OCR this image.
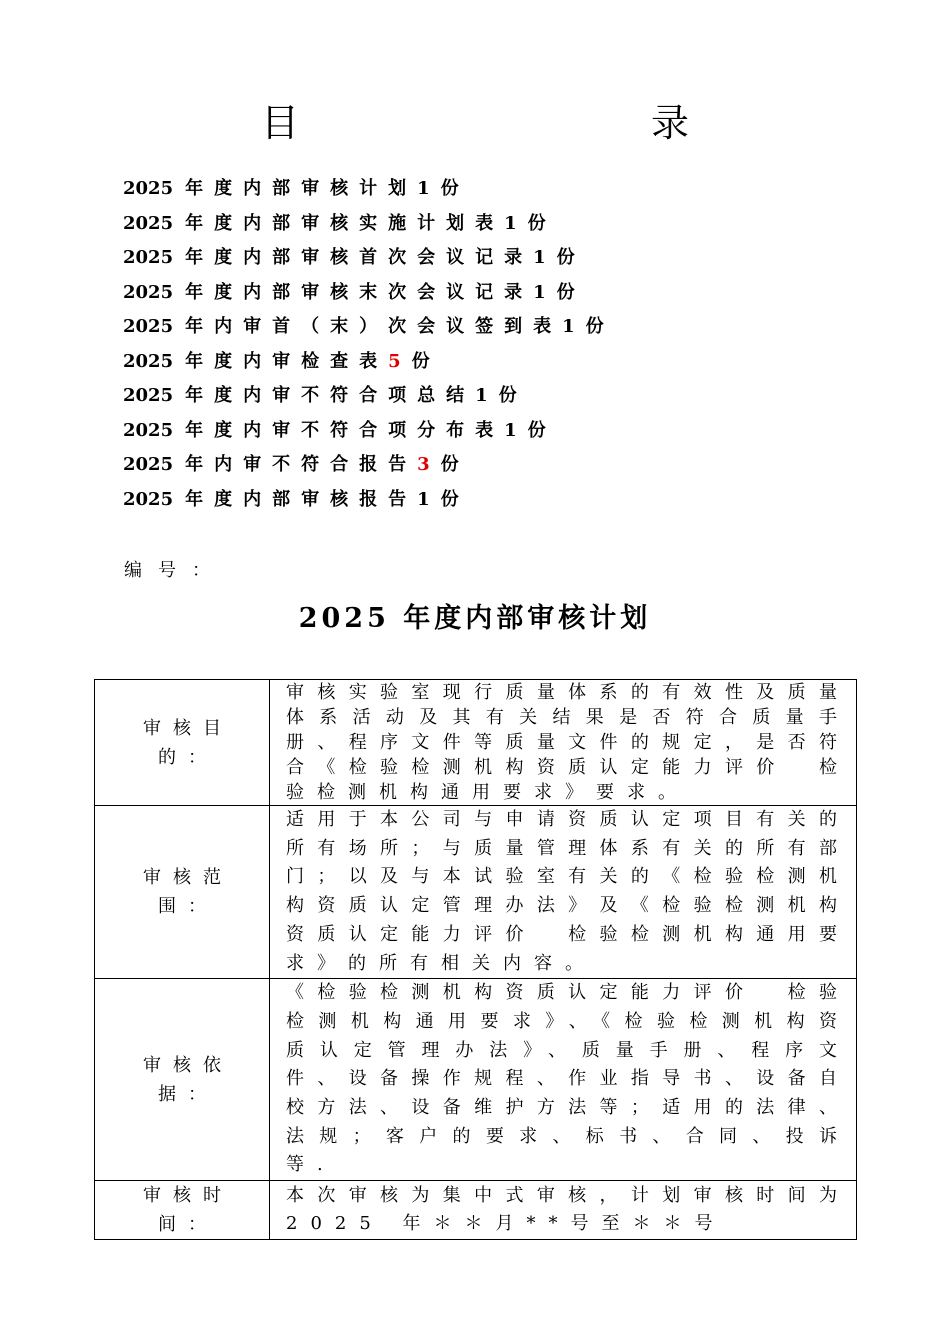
目 录
2025 年度内部审核计划1份
2025 年度内部审核实施计划表1份
2025 年度内部审核首次会议记录1份
2025 年度内部审核末次会议记录1份
2025 年内审首（末）次会议签到表1份
2025 年度内审检查表5份
2025 年度内审不符合项总结1份
2025 年度内审不符合项分布表1份
2025 年内审不符合报告3份
2025 年度内部审核报告1份
编号：
2025 年度内部审核计划
审核目的：	审核实验室现行质量体系的有效性及质量体系活动及其有关结果是否符合质量手册、程序文件等质量文件的规定，是否符合《检验检测机构资质认定能力评价　检验检测机构通用要求》要求。
审核范围：	适用于本公司与申请资质认定项目有关的所有场所；与质量管理体系有关的所有部门；以及与本试验室有关的《检验检测机构资质认定管理办法》及《检验检测机构资质认定能力评价　检验检测机构通用要求》的所有相关内容。
审核依据：	《检验检测机构资质认定能力评价　检验检测机构通用要求》、《检验检测机构资质认定管理办法》、质量手册、程序文件、设备操作规程、作业指导书、设备自校方法、设备维护方法等；适用的法律、法规；客户的要求、标书、合同、投诉等.
审核时间：	本次审核为集中式审核，计划审核时间为 2025 年＊＊月**号至＊＊号
